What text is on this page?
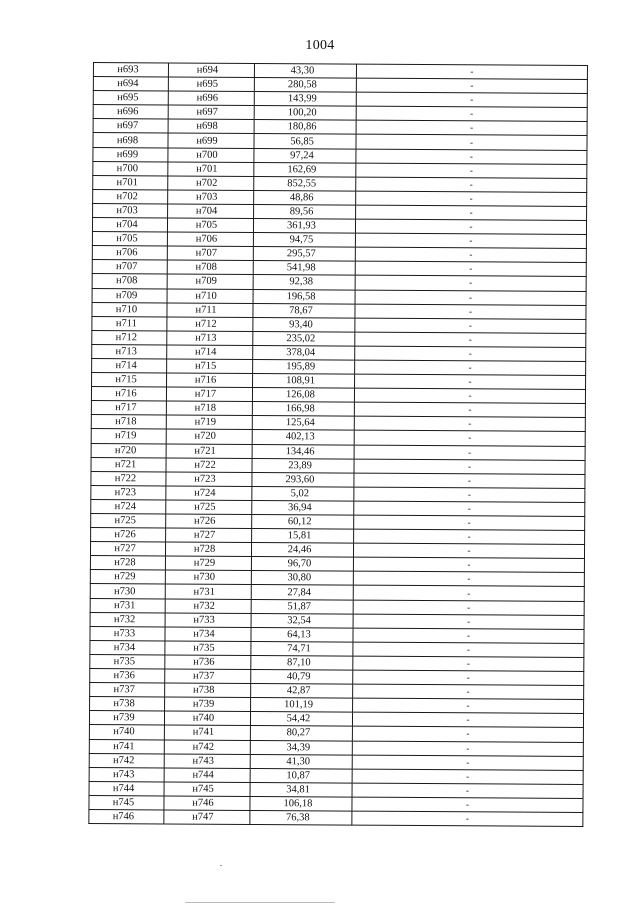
1004
н693	н694	43,30	-
н694	н695	280,58	-
н695	н696	143,99	-
н696	н697	100,20	-
н697	н698	180,86	-
н698	н699	56,85	-
н699	н700	97,24	-
н700	н701	162,69	-
н701	н702	852,55	-
н702	н703	48,86	-
н703	н704	89,56	-
н704	н705	361,93	-
н705	н706	94,75	-
н706	н707	295,57	-
н707	н708	541,98	-
н708	н709	92,38	-
н709	н710	196,58	-
н710	н711	78,67	-
н711	н712	93,40	-
н712	н713	235,02	-
н713	н714	378,04	-
н714	н715	195,89	-
н715	н716	108,91	-
н716	н717	126,08	-
н717	н718	166,98	-
н718	н719	125,64	-
н719	н720	402,13	-
н720	н721	134,46	-
н721	н722	23,89	-
н722	н723	293,60	-
н723	н724	5,02	-
н724	н725	36,94	-
н725	н726	60,12	-
н726	н727	15,81	-
н727	н728	24,46	-
н728	н729	96,70	-
н729	н730	30,80	-
н730	н731	27,84	-
н731	н732	51,87	-
н732	н733	32,54	-
н733	н734	64,13	-
н734	н735	74,71	-
н735	н736	87,10	-
н736	н737	40,79	-
н737	н738	42,87	-
н738	н739	101,19	-
н739	н740	54,42	-
н740	н741	80,27	-
н741	н742	34,39	-
н742	н743	41,30	-
н743	н744	10,87	-
н744	н745	34,81	-
н745	н746	106,18	-
н746	н747	76,38	-
